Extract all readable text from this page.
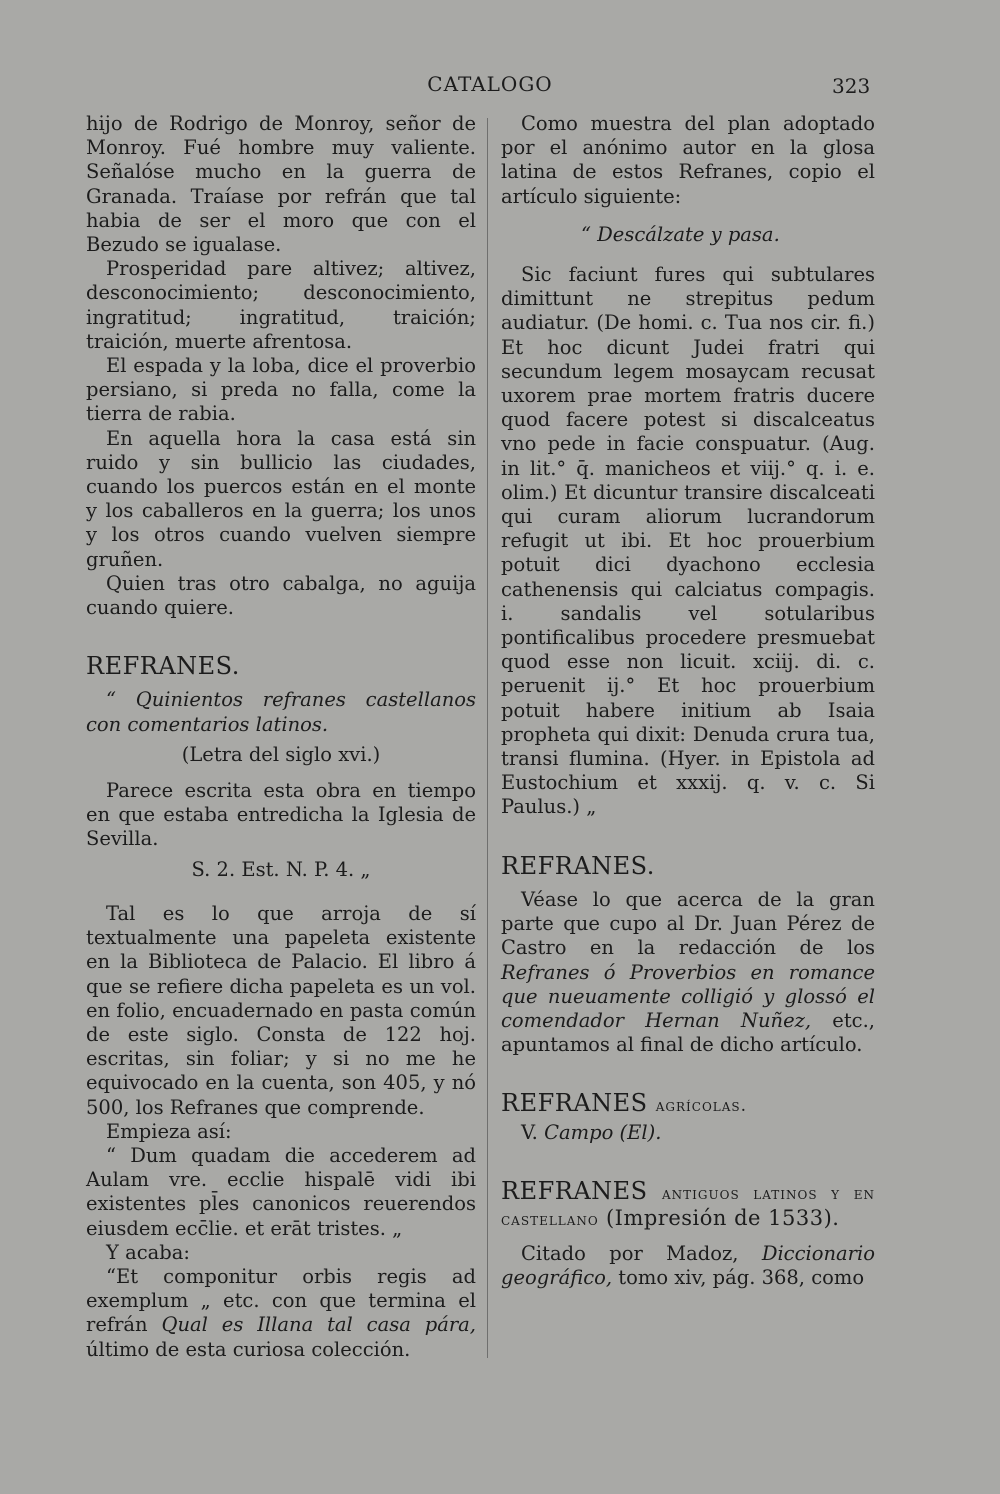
CATALOGO	323

hijo de Rodrigo de Monroy, señor de Monroy. Fué hombre muy valiente. Señalóse mucho en la guerra de Granada. Traíase por refrán que tal habia de ser el moro que con el Bezudo se igualase.

Prosperidad pare altivez; altivez, desconocimiento; desconocimiento, ingratitud; ingratitud, traición; traición, muerte afrentosa.

El espada y la loba, dice el proverbio persiano, si preda no falla, come la tierra de rabia.

En aquella hora la casa está sin ruido y sin bullicio las ciudades, cuando los puercos están en el monte y los caballeros en la guerra; los unos y los otros cuando vuelven siempre gruñen.

Quien tras otro cabalga, no aguija cuando quiere.

REFRANES.

“ Quinientos refranes castellanos con comentarios latinos.

(Letra del siglo xvi.)

Parece escrita esta obra en tiempo en que estaba entredicha la Iglesia de Sevilla.

S. 2. Est. N. P. 4. „

Tal es lo que arroja de sí textualmente una papeleta existente en la Biblioteca de Palacio. El libro á que se refiere dicha papeleta es un vol. en folio, encuadernado en pasta común de este siglo. Consta de 122 hoj. escritas, sin foliar; y si no me he equivocado en la cuenta, son 405, y nó 500, los Refranes que comprende.

Empieza así:

“ Dum quadam die accederem ad Aulam vre. ecclie hispalē vidi ibi existentes pl̄es canonicos reuerendos eiusdem ecc̄lie. et erāt tristes. „

Y acaba:

“Et componitur orbis regis ad exemplum „ etc. con que termina el refrán Qual es Illana tal casa pára, último de esta curiosa colección.

Como muestra del plan adoptado por el anónimo autor en la glosa latina de estos Refranes, copio el artículo siguiente:

“ Descálzate y pasa.

Sic faciunt fures qui subtulares dimittunt ne strepitus pedum audiatur. (De homi. c. Tua nos cir. fi.) Et hoc dicunt Judei fratri qui secundum legem mosaycam recusat uxorem prae mortem fratris ducere quod facere potest si discalceatus vno pede in facie conspuatur. (Aug. in lit.° q̄. manicheos et viij.° q. i. e. olim.) Et dicuntur transire discalceati qui curam aliorum lucrandorum refugit ut ibi. Et hoc prouerbium potuit dici dyachono ecclesia cathenensis qui calciatus compagis. i. sandalis vel sotularibus pontificalibus procedere presmuebat quod esse non licuit. xciij. di. c. peruenit ij.° Et hoc prouerbium potuit habere initium ab Isaia propheta qui dixit: Denuda crura tua, transi flumina. (Hyer. in Epistola ad Eustochium et xxxij. q. v. c. Si Paulus.) „

REFRANES.

Véase lo que acerca de la gran parte que cupo al Dr. Juan Pérez de Castro en la redacción de los Refranes ó Proverbios en romance que nueuamente colligió y glossó el comendador Hernan Nuñez, etc., apuntamos al final de dicho artículo.

REFRANES agrícolas.

V. Campo (El).

REFRANES antiguos latinos y en castellano (Impresión de 1533).

Citado por Madoz, Diccionario geográfico, tomo xiv, pág. 368, como
